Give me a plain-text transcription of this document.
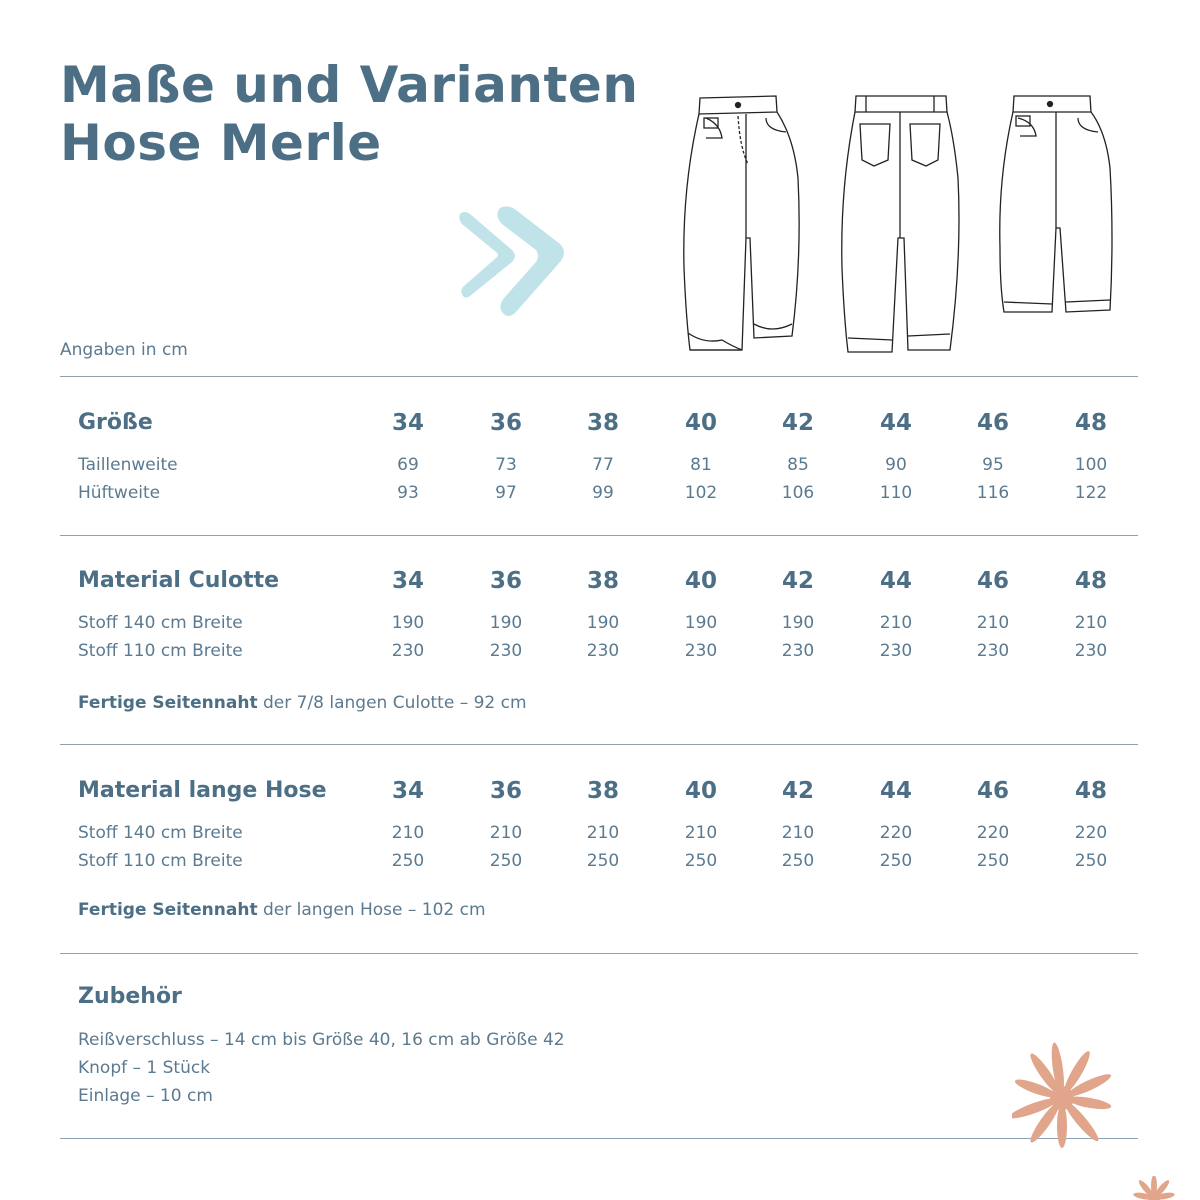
Maße und Varianten
Hose Merle
Angaben in cm
Größe	34	36	38	40	42	44	46	48
Taillenweite	69	73	77	81	85	90	95	100
Hüftweite	93	97	99	102	106	110	116	122
Material Culotte	34	36	38	40	42	44	46	48
Stoff 140 cm Breite	190	190	190	190	190	210	210	210
Stoff 110 cm Breite	230	230	230	230	230	230	230	230
Fertige Seitennaht der 7/8 langen Culotte – 92 cm
Material lange Hose	34	36	38	40	42	44	46	48
Stoff 140 cm Breite	210	210	210	210	210	220	220	220
Stoff 110 cm Breite	250	250	250	250	250	250	250	250
Fertige Seitennaht der langen Hose – 102 cm
Zubehör
Reißverschluss – 14 cm bis Größe 40, 16 cm ab Größe 42
Knopf – 1 Stück
Einlage – 10 cm
